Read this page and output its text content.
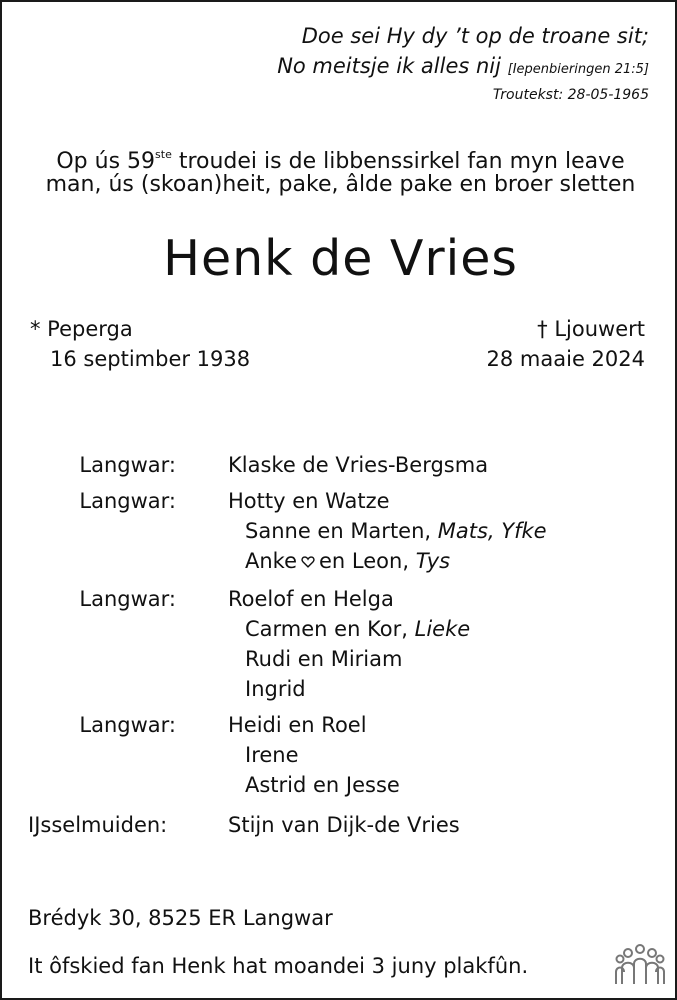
Doe sei Hy dy ’t op de troane sit;
No meitsje ik alles nij [Iepenbieringen 21:5]
Troutekst: 28-05-1965
Op ús 59ste troudei is de libbenssirkel fan myn leave
man, ús (skoan)heit, pake, âlde pake en broer sletten
Henk de Vries
* Peperga
16 septimber 1938
† Ljouwert
28 maaie 2024
Langwar: Klaske de Vries-Bergsma
Langwar: Hotty en Watze
Sanne en Marten, Mats, Yfke
Anke en Leon, Tys
Langwar: Roelof en Helga
Carmen en Kor, Lieke
Rudi en Miriam
Ingrid
Langwar: Heidi en Roel
Irene
Astrid en Jesse
IJsselmuiden:	Stijn van Dijk-de Vries
Brédyk 30, 8525 ER Langwar
It ôfskied fan Henk hat moandei 3 juny plakfûn.
